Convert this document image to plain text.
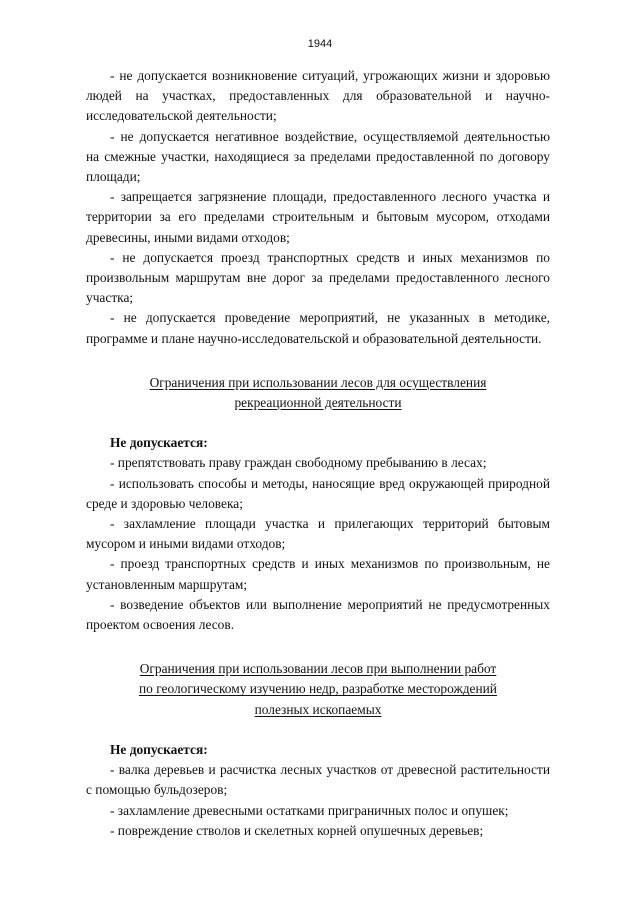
1944

- не допускается возникновение ситуаций, угрожающих жизни и здоровью людей на участках, предоставленных для образовательной и научно-исследовательской деятельности;

- не допускается негативное воздействие, осуществляемой деятельностью на смежные участки, находящиеся за пределами предоставленной по договору площади;

- запрещается загрязнение площади, предоставленного лесного участка и территории за его пределами строительным и бытовым мусором, отходами древесины, иными видами отходов;

- не допускается проезд транспортных средств и иных механизмов по произвольным маршрутам вне дорог за пределами предоставленного лесного участка;

- не допускается проведение мероприятий, не указанных в методике, программе и плане научно-исследовательской и образовательной деятельности.

Ограничения при использовании лесов для осуществления
рекреационной деятельности

Не допускается:

- препятствовать праву граждан свободному пребыванию в лесах;

- использовать способы и методы, наносящие вред окружающей природной среде и здоровью человека;

- захламление площади участка и прилегающих территорий бытовым мусором и иными видами отходов;

- проезд транспортных средств и иных механизмов по произвольным, не установленным маршрутам;

- возведение объектов или выполнение мероприятий не предусмотренных проектом освоения лесов.

Ограничения при использовании лесов при выполнении работ
по геологическому изучению недр, разработке месторождений
полезных ископаемых

Не допускается:

- валка деревьев и расчистка лесных участков от древесной растительности с помощью бульдозеров;

- захламление древесными остатками приграничных полос и опушек;

- повреждение стволов и скелетных корней опушечных деревьев;
